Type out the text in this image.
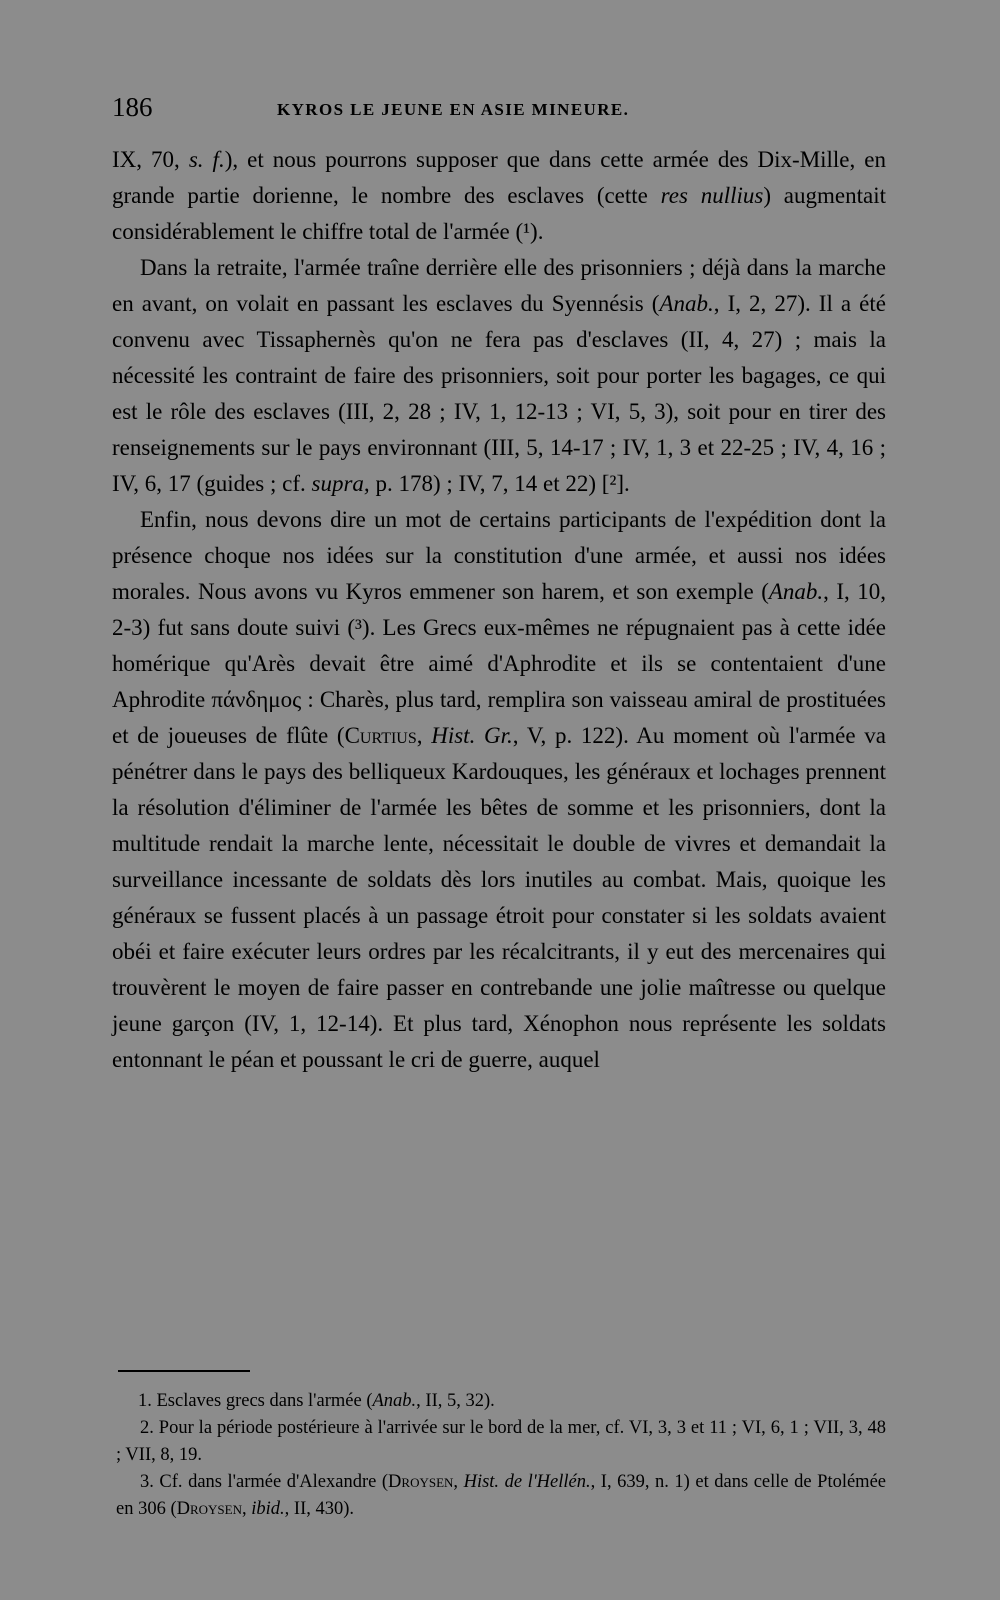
186	KYROS LE JEUNE EN ASIE MINEURE.

IX, 70, s. f.), et nous pourrons supposer que dans cette armée des Dix-Mille, en grande partie dorienne, le nombre des esclaves (cette res nullius) augmentait considérablement le chiffre total de l'armée (¹).

Dans la retraite, l'armée traîne derrière elle des prisonniers ; déjà dans la marche en avant, on volait en passant les esclaves du Syennésis (Anab., I, 2, 27). Il a été convenu avec Tissaphernès qu'on ne fera pas d'esclaves (II, 4, 27) ; mais la nécessité les contraint de faire des prisonniers, soit pour porter les bagages, ce qui est le rôle des esclaves (III, 2, 28 ; IV, 1, 12-13 ; VI, 5, 3), soit pour en tirer des renseignements sur le pays environnant (III, 5, 14-17 ; IV, 1, 3 et 22-25 ; IV, 4, 16 ; IV, 6, 17 (guides ; cf. supra, p. 178) ; IV, 7, 14 et 22) [²].

Enfin, nous devons dire un mot de certains participants de l'expédition dont la présence choque nos idées sur la constitution d'une armée, et aussi nos idées morales. Nous avons vu Kyros emmener son harem, et son exemple (Anab., I, 10, 2-3) fut sans doute suivi (³). Les Grecs eux-mêmes ne répugnaient pas à cette idée homérique qu'Arès devait être aimé d'Aphrodite et ils se contentaient d'une Aphrodite πάνδημος : Charès, plus tard, remplira son vaisseau amiral de prostituées et de joueuses de flûte (Curtius, Hist. Gr., V, p. 122). Au moment où l'armée va pénétrer dans le pays des belliqueux Kardouques, les généraux et lochages prennent la résolution d'éliminer de l'armée les bêtes de somme et les prisonniers, dont la multitude rendait la marche lente, nécessitait le double de vivres et demandait la surveillance incessante de soldats dès lors inutiles au combat. Mais, quoique les généraux se fussent placés à un passage étroit pour constater si les soldats avaient obéi et faire exécuter leurs ordres par les récalcitrants, il y eut des mercenaires qui trouvèrent le moyen de faire passer en contrebande une jolie maîtresse ou quelque jeune garçon (IV, 1, 12-14). Et plus tard, Xénophon nous représente les soldats entonnant le péan et poussant le cri de guerre, auquel

1. Esclaves grecs dans l'armée (Anab., II, 5, 32).

2. Pour la période postérieure à l'arrivée sur le bord de la mer, cf. VI, 3, 3 et 11 ; VI, 6, 1 ; VII, 3, 48 ; VII, 8, 19.

3. Cf. dans l'armée d'Alexandre (Droysen, Hist. de l'Hellén., I, 639, n. 1) et dans celle de Ptolémée en 306 (Droysen, ibid., II, 430).
